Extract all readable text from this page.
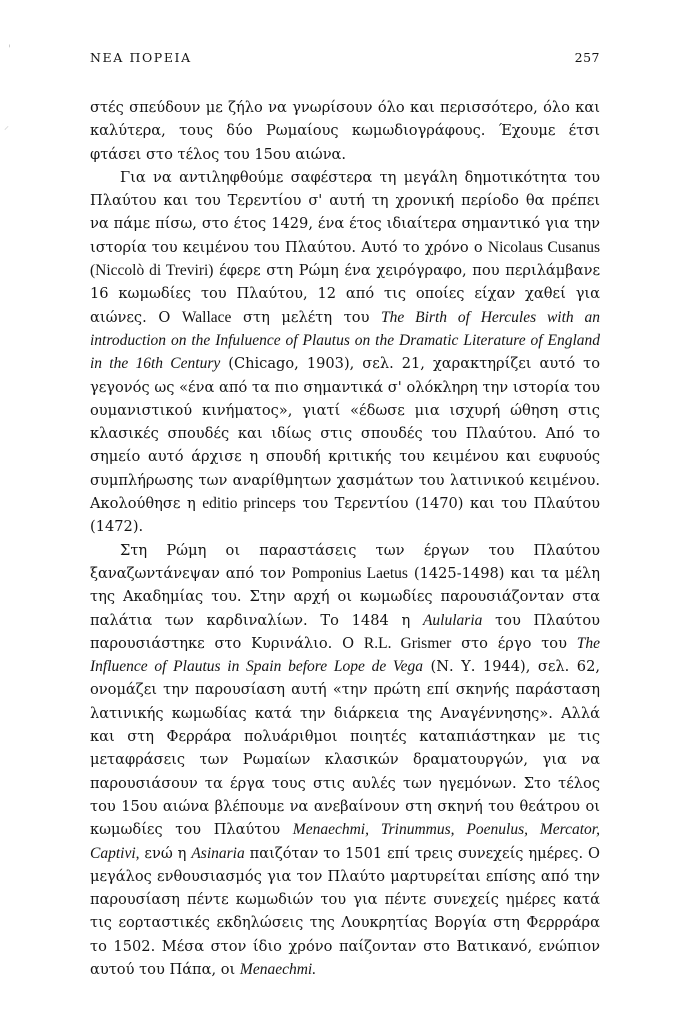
'
⸝
ΝΕΑ ΠΟΡΕΙΑ	257

στές σπεύδουν με ζήλο να γνωρίσουν όλο και περισσότερο, όλο και καλύτερα, τους δύο Ρωμαίους κωμωδιογράφους. Έχουμε έτσι φτάσει στο τέλος του 15ου αιώνα.

Για να αντιληφθούμε σαφέστερα τη μεγάλη δημοτικότητα του Πλαύτου και του Τερεντίου σ' αυτή τη χρονική περίοδο θα πρέπει να πάμε πίσω, στο έτος 1429, ένα έτος ιδιαίτερα σημαντικό για την ιστορία του κειμένου του Πλαύτου. Αυτό το χρόνο ο Nicolaus Cusanus (Niccolò di Treviri) έφερε στη Ρώμη ένα χειρόγραφο, που περιλάμβανε 16 κωμωδίες του Πλαύτου, 12 από τις οποίες είχαν χαθεί για αιώνες. Ο Wallace στη μελέτη του The Birth of Hercules with an introduction on the Infuluence of Plautus on the Dramatic Literature of England in the 16th Century (Chicago, 1903), σελ. 21, χαρακτηρίζει αυτό το γεγονός ως «ένα από τα πιο σημαντικά σ' ολόκληρη την ιστορία του ουμανιστικού κινήματος», γιατί «έδωσε μια ισχυρή ώθηση στις κλασικές σπουδές και ιδίως στις σπουδές του Πλαύτου. Από το σημείο αυτό άρχισε η σπουδή κριτικής του κειμένου και ευφυούς συμπλήρωσης των αναρίθμητων χασμάτων του λατινικού κειμένου. Ακολούθησε η editio princeps του Τερεντίου (1470) και του Πλαύτου (1472).

Στη Ρώμη οι παραστάσεις των έργων του Πλαύτου ξαναζωντάνεψαν από τον Pomponius Laetus (1425-1498) και τα μέλη της Ακαδημίας του. Στην αρχή οι κωμωδίες παρουσιάζονταν στα παλάτια των καρδιναλίων. Το 1484 η Aulularia του Πλαύτου παρουσιάστηκε στο Κυρινάλιο. Ο R.L. Grismer στο έργο του The Influence of Plautus in Spain before Lope de Vega (Ν. Υ. 1944), σελ. 62, ονομάζει την παρουσίαση αυτή «την πρώτη επί σκηνής παράσταση λατινικής κωμωδίας κατά την διάρκεια της Αναγέννησης». Αλλά και στη Φερράρα πολυάριθμοι ποιητές καταπιάστηκαν με τις μεταφράσεις των Ρωμαίων κλασικών δραματουργών, για να παρουσιάσουν τα έργα τους στις αυλές των ηγεμόνων. Στο τέλος του 15ου αιώνα βλέπουμε να ανεβαίνουν στη σκηνή του θεάτρου οι κωμωδίες του Πλαύτου Menaechmi, Trinummus, Poenulus, Mercator, Captivi, ενώ η Asinaria παιζόταν το 1501 επί τρεις συνεχείς ημέρες. Ο μεγάλος ενθουσιασμός για τον Πλαύτο μαρτυρείται επίσης από την παρουσίαση πέντε κωμωδιών του για πέντε συνεχείς ημέρες κατά τις εορταστικές εκδηλώσεις της Λουκρητίας Βοργία στη Φερρράρα το 1502. Μέσα στον ίδιο χρόνο παίζονταν στο Βατικανό, ενώπιον αυτού του Πάπα, οι Menaechmi.
